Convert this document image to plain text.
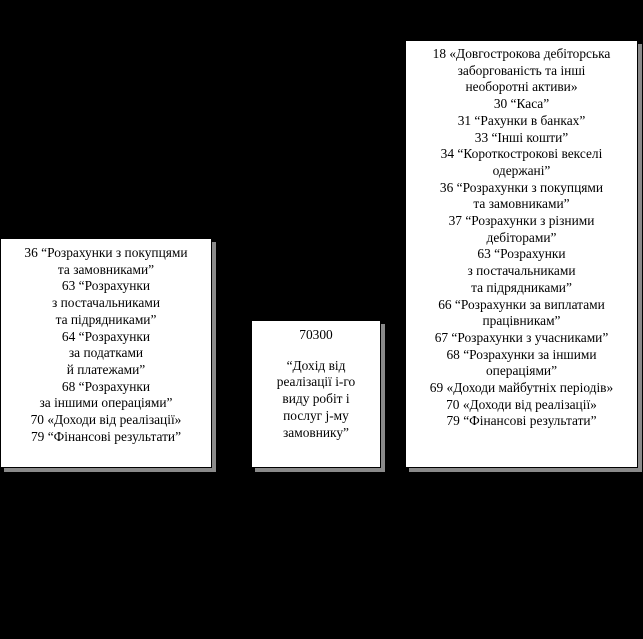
36 “Розрахунки з покупцями
та замовниками”
63 “Розрахунки
з постачальниками
та підрядниками”
64 “Розрахунки
за податками
й платежами”
68 “Розрахунки
за іншими операціями”
70 «Доходи від реалізації»
79 “Фінансові результати”
70300
“Дохід від
реалізації і-го
виду робіт і
послуг j-му
замовнику”
18 «Довгострокова дебіторська
заборгованість та інші
необоротні активи»
30 “Каса”
31 “Рахунки в банках”
33 “Інші кошти”
34 “Короткострокові векселі
одержані”
36 “Розрахунки з покупцями
та замовниками”
37 “Розрахунки з різними
дебіторами”
63 “Розрахунки
з постачальниками
та підрядниками”
66 “Розрахунки за виплатами
працівникам”
67 “Розрахунки з учасниками”
68 “Розрахунки за іншими
операціями”
69 «Доходи майбутніх періодів»
70 «Доходи від реалізації»
79 “Фінансові результати”
